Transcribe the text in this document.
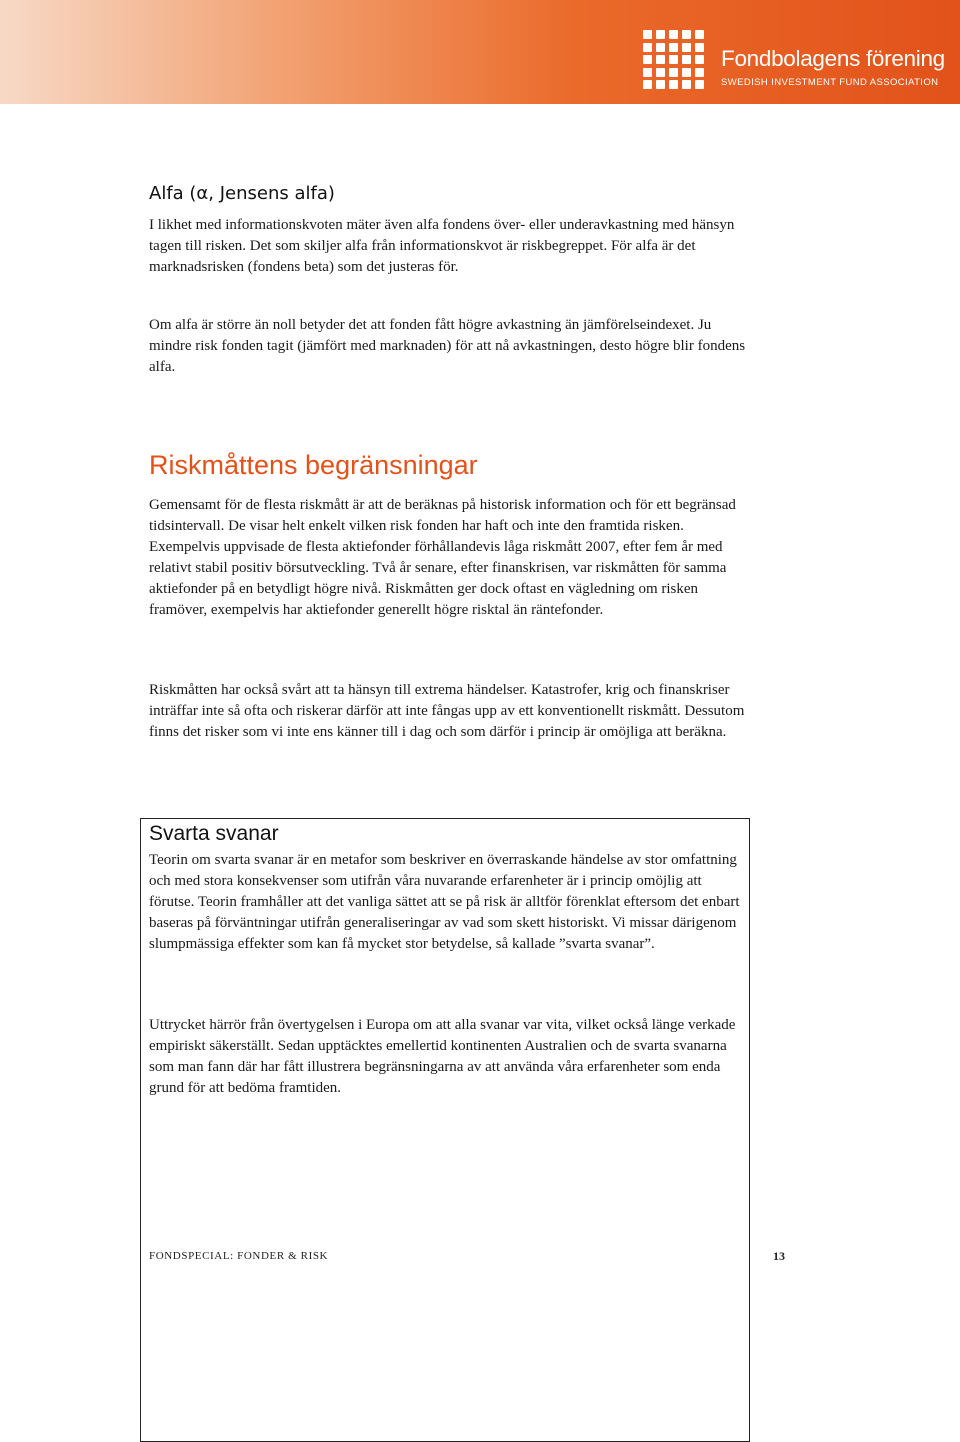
Fondbolagens förening
SWEDISH INVESTMENT FUND ASSOCIATION
Alfa (α, Jensens alfa)

I likhet med informationskvoten mäter även alfa fondens över- eller underavkastning med hänsyn tagen till risken. Det som skiljer alfa från informationskvot är riskbegreppet. För alfa är det marknadsrisken (fondens beta) som det justeras för.

Om alfa är större än noll betyder det att fonden fått högre avkastning än jämförelseindexet. Ju mindre risk fonden tagit (jämfört med marknaden) för att nå avkastningen, desto högre blir fondens alfa.

Riskmåttens begränsningar

Gemensamt för de flesta riskmått är att de beräknas på historisk information och för ett begränsad tidsintervall. De visar helt enkelt vilken risk fonden har haft och inte den framtida risken. Exempelvis uppvisade de flesta aktiefonder förhållandevis låga riskmått 2007, efter fem år med relativt stabil positiv börsutveckling. Två år senare, efter finanskrisen, var riskmåtten för samma aktiefonder på en betydligt högre nivå. Riskmåtten ger dock oftast en vägledning om risken framöver, exempelvis har aktiefonder generellt högre risktal än räntefonder.

Riskmåtten har också svårt att ta hänsyn till extrema händelser. Katastrofer, krig och finanskriser inträffar inte så ofta och riskerar därför att inte fångas upp av ett konventionellt riskmått. Dessutom finns det risker som vi inte ens känner till i dag och som därför i princip är omöjliga att beräkna.

Svarta svanar

Teorin om svarta svanar är en metafor som beskriver en överraskande händelse av stor omfattning och med stora konsekvenser som utifrån våra nuvarande erfarenheter är i princip omöjlig att förutse. Teorin framhåller att det vanliga sättet att se på risk är alltför förenklat eftersom det enbart baseras på förväntningar utifrån generaliseringar av vad som skett historiskt. Vi missar därigenom slumpmässiga effekter som kan få mycket stor betydelse, så kallade ”svarta svanar”.

Uttrycket härrör från övertygelsen i Europa om att alla svanar var vita, vilket också länge verkade empiriskt säkerställt. Sedan upptäcktes emellertid kontinenten Australien och de svarta svanarna som man fann där har fått illustrera begränsningarna av att använda våra erfarenheter som enda grund för att bedöma framtiden.

FONDSPECIAL: FONDER & RISK	13
